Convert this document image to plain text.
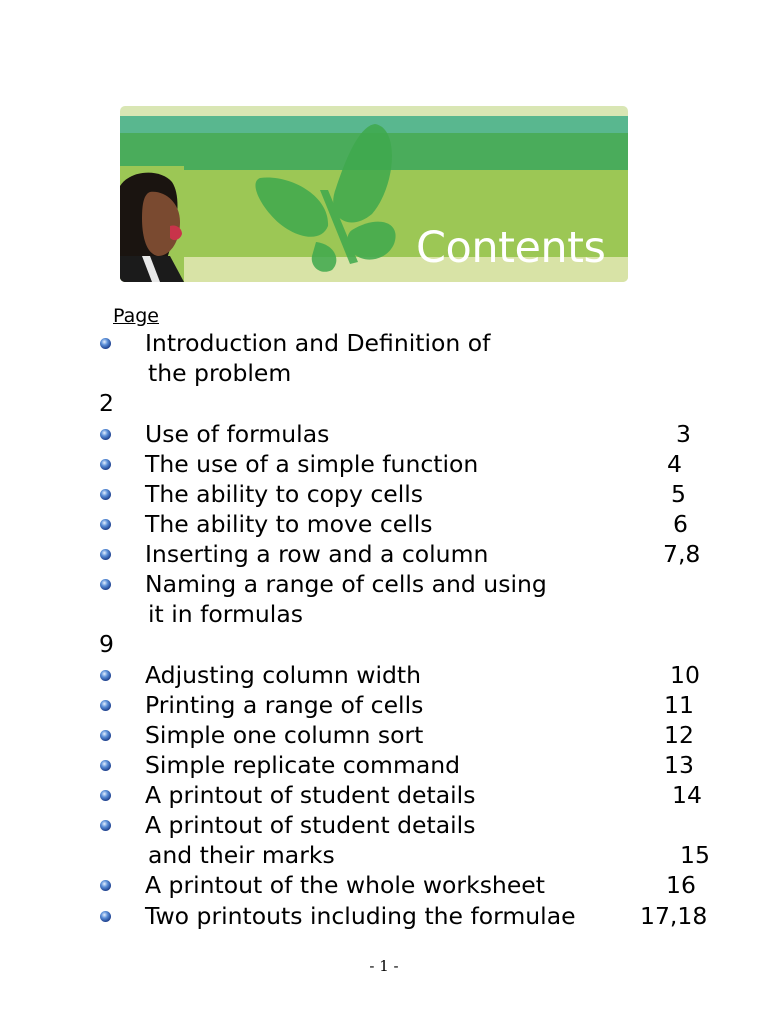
Contents
Page
Introduction and Definition of
the problem
2
Use of formulas	3
The use of a simple function	4
The ability to copy cells	5
The ability to move cells	6
Inserting a row and a column	7,8
Naming a range of cells and using
it in formulas
9
Adjusting column width	10
Printing a range of cells	11
Simple one column sort	12
Simple replicate command	13
A printout of student details	14
A printout of student details
and their marks	15
A printout of the whole worksheet	16
Two printouts including the formulae	17,18
- 1 -
